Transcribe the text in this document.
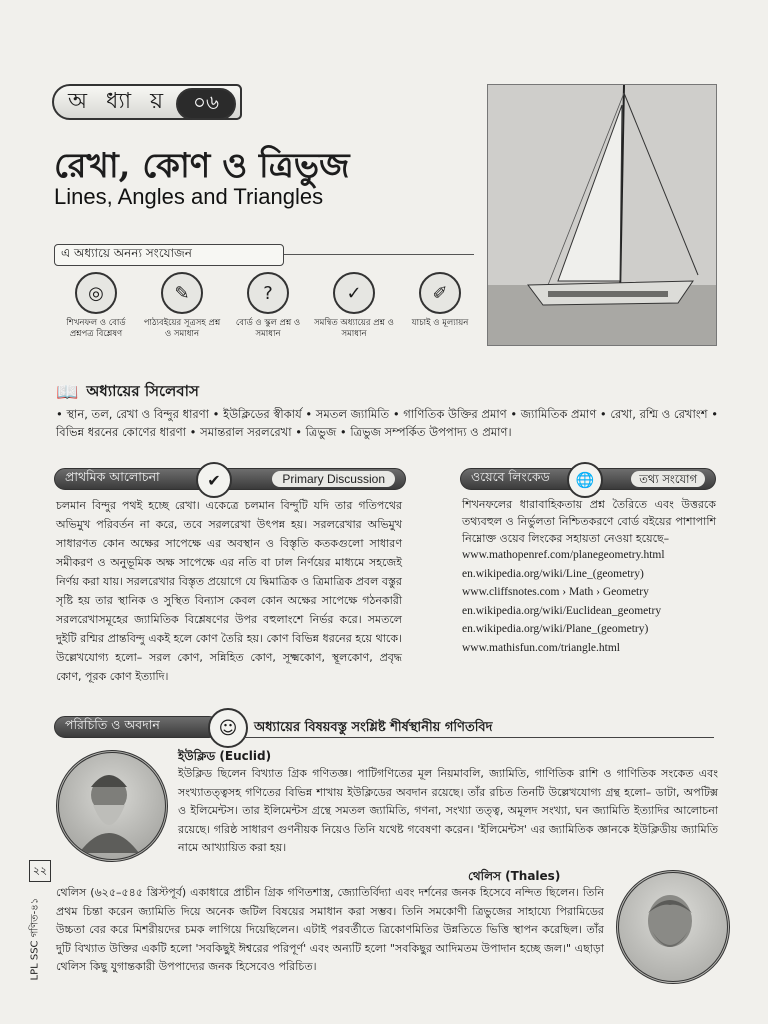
অ ধ্যা য়	০৬
রেখা, কোণ ও ত্রিভুজ
Lines, Angles and Triangles
এ অধ্যায়ে অনন্য সংযোজন
◎
শিখনফল ও বোর্ড প্রশ্নপত্র বিশ্লেষণ
✎
পাঠ্যবইয়ের সূত্রসহ প্রশ্ন ও সমাধান
?
বোর্ড ও স্কুল প্রশ্ন ও সমাধান
✓
সমন্বিত অধ্যায়ের প্রশ্ন ও সমাধান
✐
যাচাই ও মূল্যায়ন
📖 অধ্যায়ের সিলেবাস
• স্থান, তল, রেখা ও বিন্দুর ধারণা • ইউক্লিডের স্বীকার্য • সমতল জ্যামিতি • গাণিতিক উক্তির প্রমাণ • জ্যামিতিক প্রমাণ • রেখা, রশ্মি ও রেখাংশ • বিভিন্ন ধরনের কোণের ধারণা • সমান্তরাল সরলরেখা • ত্রিভুজ • ত্রিভুজ সম্পর্কিত উপপাদ্য ও প্রমাণ।
প্রাথমিক আলোচনা	Primary Discussion
✔
চলমান বিন্দুর পথই হচ্ছে রেখা। একেত্রে চলমান বিন্দুটি যদি তার গতিপথের অভিমুখ পরিবর্তন না করে, তবে সরলরেখা উৎপন্ন হয়। সরলরেখার অভিমুখ সাধারণত কোন অক্ষের সাপেক্ষে এর অবস্থান ও বিস্তৃতি কতকগুলো সাধারণ সমীকরণ ও অনুভূমিক অক্ষ সাপেক্ষে এর নতি বা ঢাল নির্ণয়ের মাধ্যমে সহজেই নির্ণয় করা যায়। সরলরেখার বিস্তৃত প্রয়োগে যে দ্বিমাত্রিক ও ত্রিমাত্রিক প্রবল বস্তুর সৃষ্টি হয় তার স্থানিক ও সুস্থিত বিন্যাস কেবল কোন অক্ষের সাপেক্ষে গঠনকারী সরলরেখাসমূহের জ্যামিতিক বিশ্লেষণের উপর বহুলাংশে নির্ভর করে। সমতলে দুইটি রশ্মির প্রান্তবিন্দু একই হলে কোণ তৈরি হয়। কোণ বিভিন্ন ধরনের হয়ে থাকে। উল্লেখযোগ্য হলো– সরল কোণ, সন্নিহিত কোণ, সূক্ষ্মকোণ, স্থূলকোণ, প্রবৃদ্ধ কোণ, পূরক কোণ ইত্যাদি।
ওয়েবে লিংকেড	তথ্য সংযোগ
🌐
শিখনফলের ধারাবাহিকতায় প্রশ্ন তৈরিতে এবং উত্তরকে তথ্যবহুল ও নির্ভুলতা নিশ্চিতকরণে বোর্ড বইয়ের পাশাপাশি নিম্নোক্ত ওয়েব লিংকের সহায়তা নেওয়া হয়েছে–
www.mathopenref.com/planegeometry.html
en.wikipedia.org/wiki/Line_(geometry)
www.cliffsnotes.com › Math › Geometry
en.wikipedia.org/wiki/Euclidean_geometry
en.wikipedia.org/wiki/Plane_(geometry)
www.mathisfun.com/triangle.html
পরিচিতি ও অবদান	☺	অধ্যায়ের বিষয়বস্তু সংশ্লিষ্ট শীর্ষস্থানীয় গণিতবিদ
ইউক্লিড (Euclid)
ইউক্লিড ছিলেন বিখ্যাত গ্রিক গণিতজ্ঞ। পাটিগণিতের মূল নিয়মাবলি, জ্যামিতি, গাণিতিক রাশি ও গাণিতিক সংকেত এবং সংখ্যাতত্ত্বসহ গণিতের বিভিন্ন শাখায় ইউক্লিডের অবদান রয়েছে। তাঁর রচিত তিনটি উল্লেখযোগ্য গ্রন্থ হলো– ডাটা, অপটিক্স ও ইলিমেন্টস। তার ইলিমেন্টস গ্রন্থে সমতল জ্যামিতি, গণনা, সংখ্যা তত্ত্ব, অমূলদ সংখ্যা, ঘন জ্যামিতি ইত্যাদির আলোচনা রয়েছে। গরিষ্ঠ সাধারণ গুণনীয়ক নিয়েও তিনি যথেষ্ট গবেষণা করেন। 'ইলিমেন্টস' এর জ্যামিতিক জ্ঞানকে ইউক্লিডীয় জ্যামিতি নামে আখ্যায়িত করা হয়।
থেলিস (Thales)
থেলিস (৬২৫–৫৪৫ খ্রিস্টপূর্ব) একাধারে প্রাচীন গ্রিক গণিতশাস্ত্র, জ্যোতির্বিদ্যা এবং দর্শনের জনক হিসেবে নন্দিত ছিলেন। তিনি প্রথম চিন্তা করেন জ্যামিতি দিয়ে অনেক জটিল বিষয়ের সমাধান করা সম্ভব। তিনি সমকোণী ত্রিভুজের সাহায্যে পিরামিডের উচ্চতা বের করে মিশরীয়দের চমক লাগিয়ে দিয়েছিলেন। এটাই পরবর্তীতে ত্রিকোণমিতির উন্নতিতে ভিত্তি স্থাপন করেছিল। তাঁর দুটি বিখ্যাত উক্তির একটি হলো 'সবকিছুই ঈশ্বরের পরিপূর্ণ' এবং অন্যটি হলো "সবকিছুর আদিমতম উপাদান হচ্ছে জল।" এছাড়া থেলিস কিছু যুগান্তকারী উপপাদ্যের জনক হিসেবেও পরিচিত।
২২
LPL SSC গণিত-৪১
